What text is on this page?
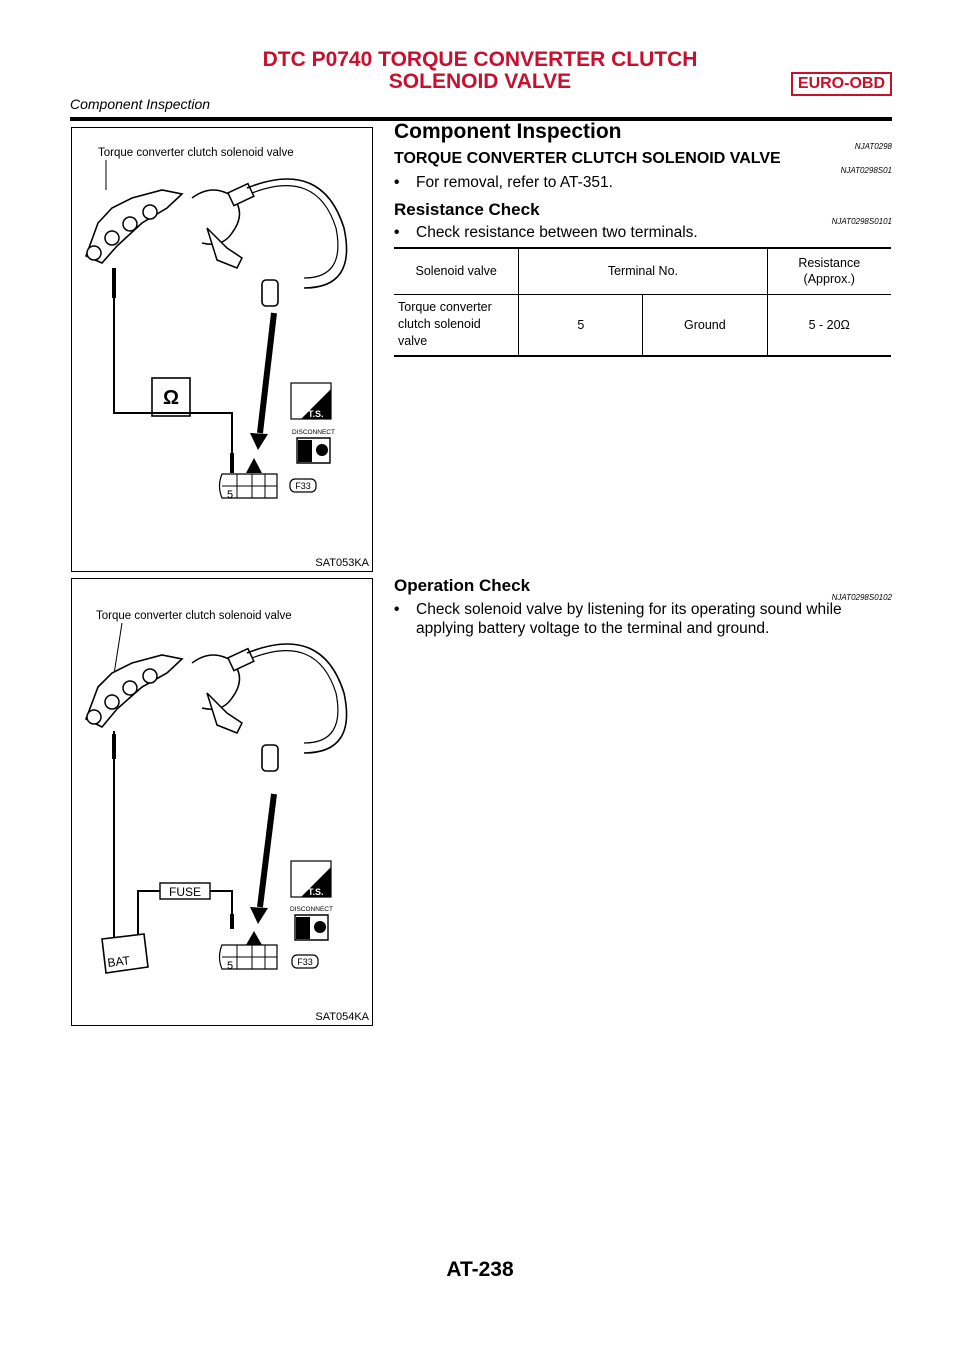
DTC P0740 TORQUE CONVERTER CLUTCH
SOLENOID VALVE	EURO-OBD
Component Inspection
Torque converter clutch solenoid valve
Ω
5
T.S.
DISCONNECT
F33
SAT053KA
Torque converter clutch solenoid valve
FUSE
BAT	5
T.S.
DISCONNECT
F33
SAT054KA
Component Inspection
NJAT0298
TORQUE CONVERTER CLUTCH SOLENOID VALVE
NJAT0298S01
• For removal, refer to AT-351.
Resistance Check
NJAT0298S0101
• Check resistance between two terminals.
Solenoid valve	Terminal No.		Resistance
(Approx.)

Torque converter
clutch solenoid
valve	5	Ground	5 - 20Ω
Operation Check
NJAT0298S0102
• Check solenoid valve by listening for its operating sound while
applying battery voltage to the terminal and ground.
AT-238
